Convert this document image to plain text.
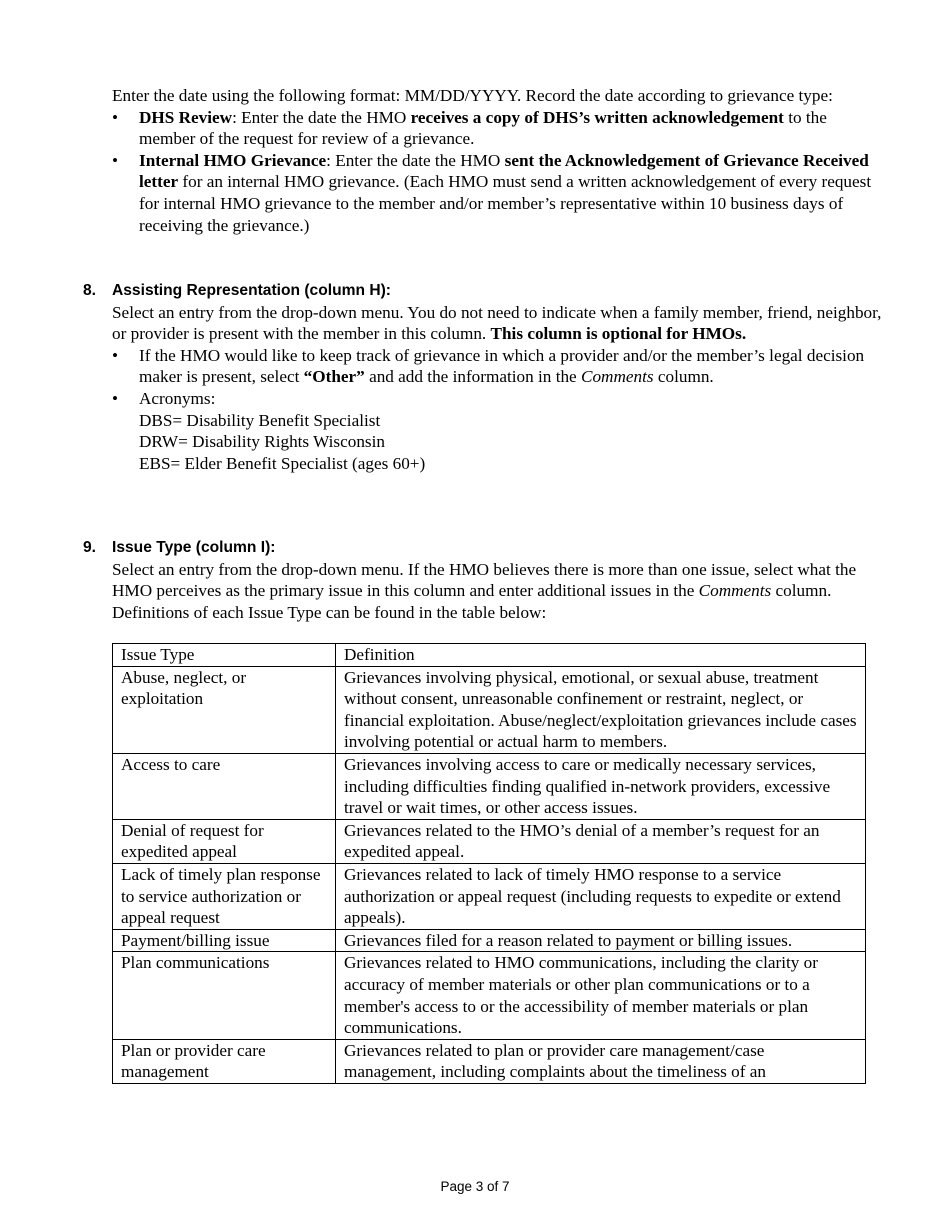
Enter the date using the following format: MM/DD/YYYY. Record the date according to grievance type:

• DHS Review: Enter the date the HMO receives a copy of DHS’s written acknowledgement to the member of the request for review of a grievance.
• Internal HMO Grievance: Enter the date the HMO sent the Acknowledgement of Grievance Received letter for an internal HMO grievance. (Each HMO must send a written acknowledgement of every request for internal HMO grievance to the member and/or member’s representative within 10 business days of receiving the grievance.)
8.	Assisting Representation (column H):

Select an entry from the drop-down menu. You do not need to indicate when a family member, friend, neighbor, or provider is present with the member in this column. This column is optional for HMOs.

• If the HMO would like to keep track of grievance in which a provider and/or the member’s legal decision maker is present, select “Other” and add the information in the Comments column.
• Acronyms:
DBS= Disability Benefit Specialist
DRW= Disability Rights Wisconsin
EBS= Elder Benefit Specialist (ages 60+)
9.	Issue Type (column I):

Select an entry from the drop-down menu. If the HMO believes there is more than one issue, select what the HMO perceives as the primary issue in this column and enter additional issues in the Comments column. Definitions of each Issue Type can be found in the table below:

Issue Type	Definition
Abuse, neglect, or exploitation	Grievances involving physical, emotional, or sexual abuse, treatment without consent, unreasonable confinement or restraint, neglect, or financial exploitation. Abuse/neglect/exploitation grievances include cases involving potential or actual harm to members.
Access to care	Grievances involving access to care or medically necessary services, including difficulties finding qualified in-network providers, excessive travel or wait times, or other access issues.
Denial of request for expedited appeal	Grievances related to the HMO’s denial of a member’s request for an expedited appeal.
Lack of timely plan response to service authorization or appeal request	Grievances related to lack of timely HMO response to a service authorization or appeal request (including requests to expedite or extend appeals).
Payment/billing issue	Grievances filed for a reason related to payment or billing issues.
Plan communications	Grievances related to HMO communications, including the clarity or accuracy of member materials or other plan communications or to a member's access to or the accessibility of member materials or plan communications.
Plan or provider care management	Grievances related to plan or provider care management/case management, including complaints about the timeliness of an
Page 3 of 7
